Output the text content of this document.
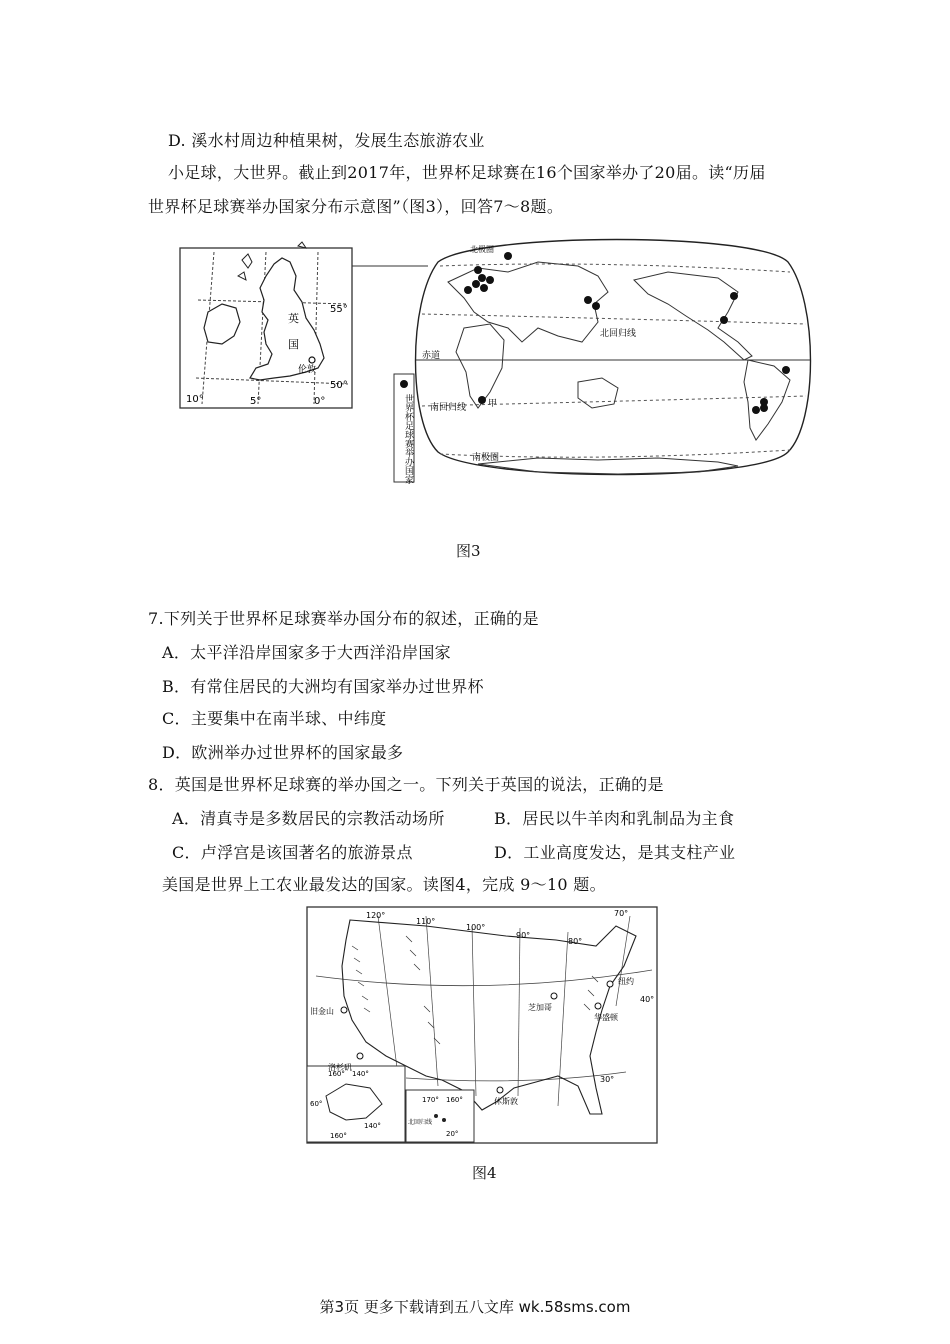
D. 溪水村周边种植果树，发展生态旅游农业
小足球，大世界。截止到2017年，世界杯足球赛在16个国家举办了20届。读“历届
世界杯足球赛举办国家分布示意图”（图3），回答7～8题。
55°
50°
10°	5°	0°
英
国
伦敦
北极圈
北回归线
赤道
南回归线
南极圈
甲
世界杯足球赛举办国家
图3
7.下列关于世界杯足球赛举办国分布的叙述，正确的是
A．太平洋沿岸国家多于大西洋沿岸国家
B．有常住居民的大洲均有国家举办过世界杯
C．主要集中在南半球、中纬度
D．欧洲举办过世界杯的国家最多
8．英国是世界杯足球赛的举办国之一。下列关于英国的说法，正确的是
A．清真寺是多数居民的宗教活动场所	B．居民以牛羊肉和乳制品为主食
C．卢浮宫是该国著名的旅游景点	D．工业高度发达，是其支柱产业
美国是世界上工农业最发达的国家。读图4，完成 9～10 题。
120°
110°
100°
90°
80°
70°
40°
30°
旧金山
洛杉矶
芝加哥
纽约
华盛顿
休斯敦
160° 140°
60°
140°
160°
170° 160°
20°
北回归线
图4
第3页 更多下载请到五八文库 wk.58sms.com
